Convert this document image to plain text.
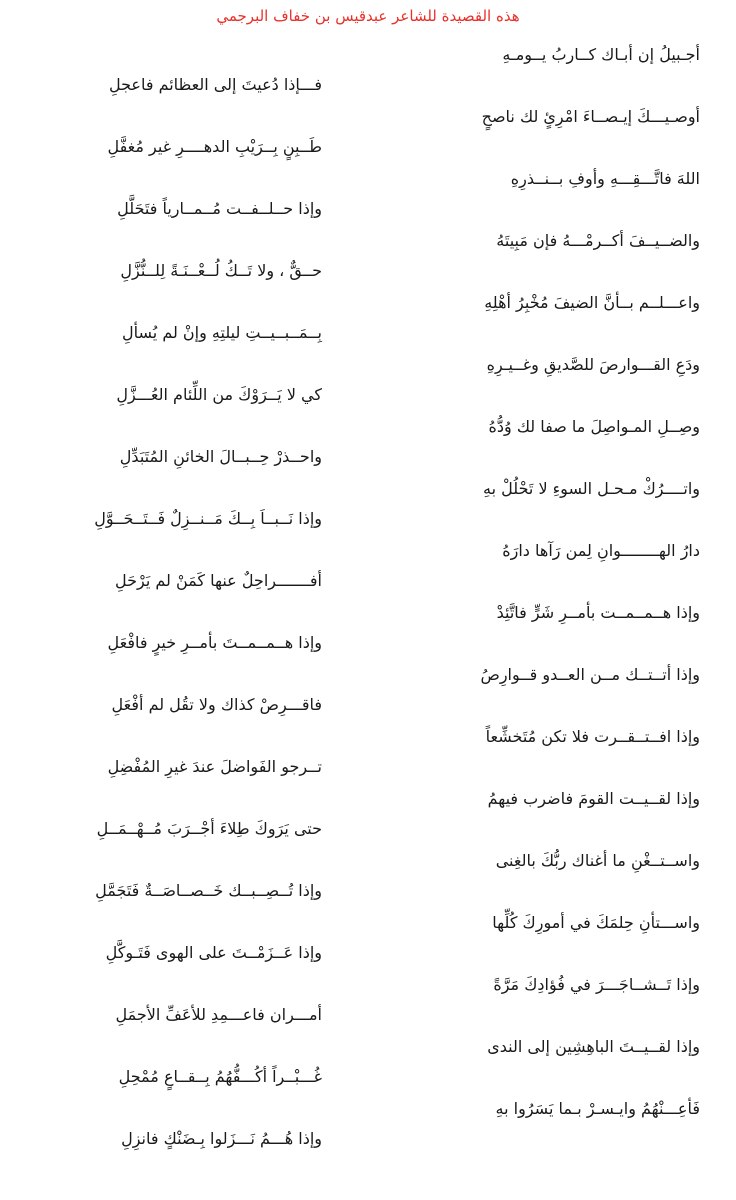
هذه القصيدة للشاعر عبدقيس بن خفاف البرجمي
أجـبيلُ إن أبـاك كــاربُ يــومـهِ
أوصـيـــكَ إيـصــاءَ امْرِئٍ لك ناصحٍ
اللهَ فاتَّـــقِـــهِ وأوفِ بــنــذرِهِ
والضــيــفَ أكــرمْـــهُ فإن مَبِيتَهُ
واعـــلــم بــأنَّ الضيفَ مُخْبِرُ أهْلِهِ
ودَعِ القـــوارصَ للصَّديقِ وغــيـرِهِ
وصِــلِ المـواصِلَ ما صفا لك وُدُّهُ
واتــــرُكْ مـحـل السوءِ لا تَحْلُلْ بهِ
دارُ الهــــــــوانِ لِمن رَآها دارَهُ
وإذا هــمــمــت بأمــرِ شَرٍّ فاتَّئِدْ
وإذا أتــتــك مــن العــدو قــوارِصُ
وإذا افــتــقــرت فلا تكن مُتَخشِّعاً
وإذا لقــيــت القومَ فاضرب فيهمُ
واســتــغْنِ ما أغناك ربُّكَ بالغِنى
واســـتأنِ حِلمَكَ في أمورِكَ كُلِّها
وإذا تَــشــاجَـــرَ في فُؤادِكَ مَرَّةً
وإذا لقــيــتَ الباهِشِين إلى الندى
فَأعِـــنْهُمُ وايـسـرْ بـما يَسَرُوا بهِ
فـــإذا دُعيتَ إلى العظائم فاعجلِ
طَــبِنٍ بِــرَيْبِ الدهــــرِ غير مُغفَّلِ
وإذا حــلــفــت مُــمــارياً فتَحَلَّلِ
حــقٌّ ، ولا تَــكُ لُــعْــنَـةً لِلــنُّزَّلِ
بِــمَــبــيــتِ ليلتِهِ وإنْ لم يُسألِ
كي لا يَــرَوْكَ من اللِّئام العُـــزَّلِ
واحــذرْ حِــبــالَ الخائنِ المُتَبَدِّلِ
وإذا نَــبــاَ بِــكَ مَــنــزِلٌ فَــتَــحَــوَّلِ
أفـــــــراحِلٌ عنها كَمَنْ لم يَرْحَلِ
وإذا هــمــمــتَ بأمــرِ خيرٍ فافْعَلِ
فاقـــرِصْ كذاك ولا تقُل لم أفْعَلِ
تــرجو الفَواضلَ عندَ غيرِ المُفْضِلِ
حتى يَرَوكَ طِلاءَ أجْــرَبَ مُــهْــمَــلِ
وإذا تُــصِــبــك خَــصــاصَــةٌ فَتَجَمَّلِ
وإذا عَــزَمْــتَ على الهوى فَتَـوكَّلِ
أمـــران فاعـــمِدِ للأعَفِّ الأجمَلِ
غُـــبْــراً أكُـــفُّهُمُ بِــقــاعٍ مُمْحِلِ
وإذا هُـــمُ نَـــزَلوا بِـضَنْكٍ فانزِلِ
